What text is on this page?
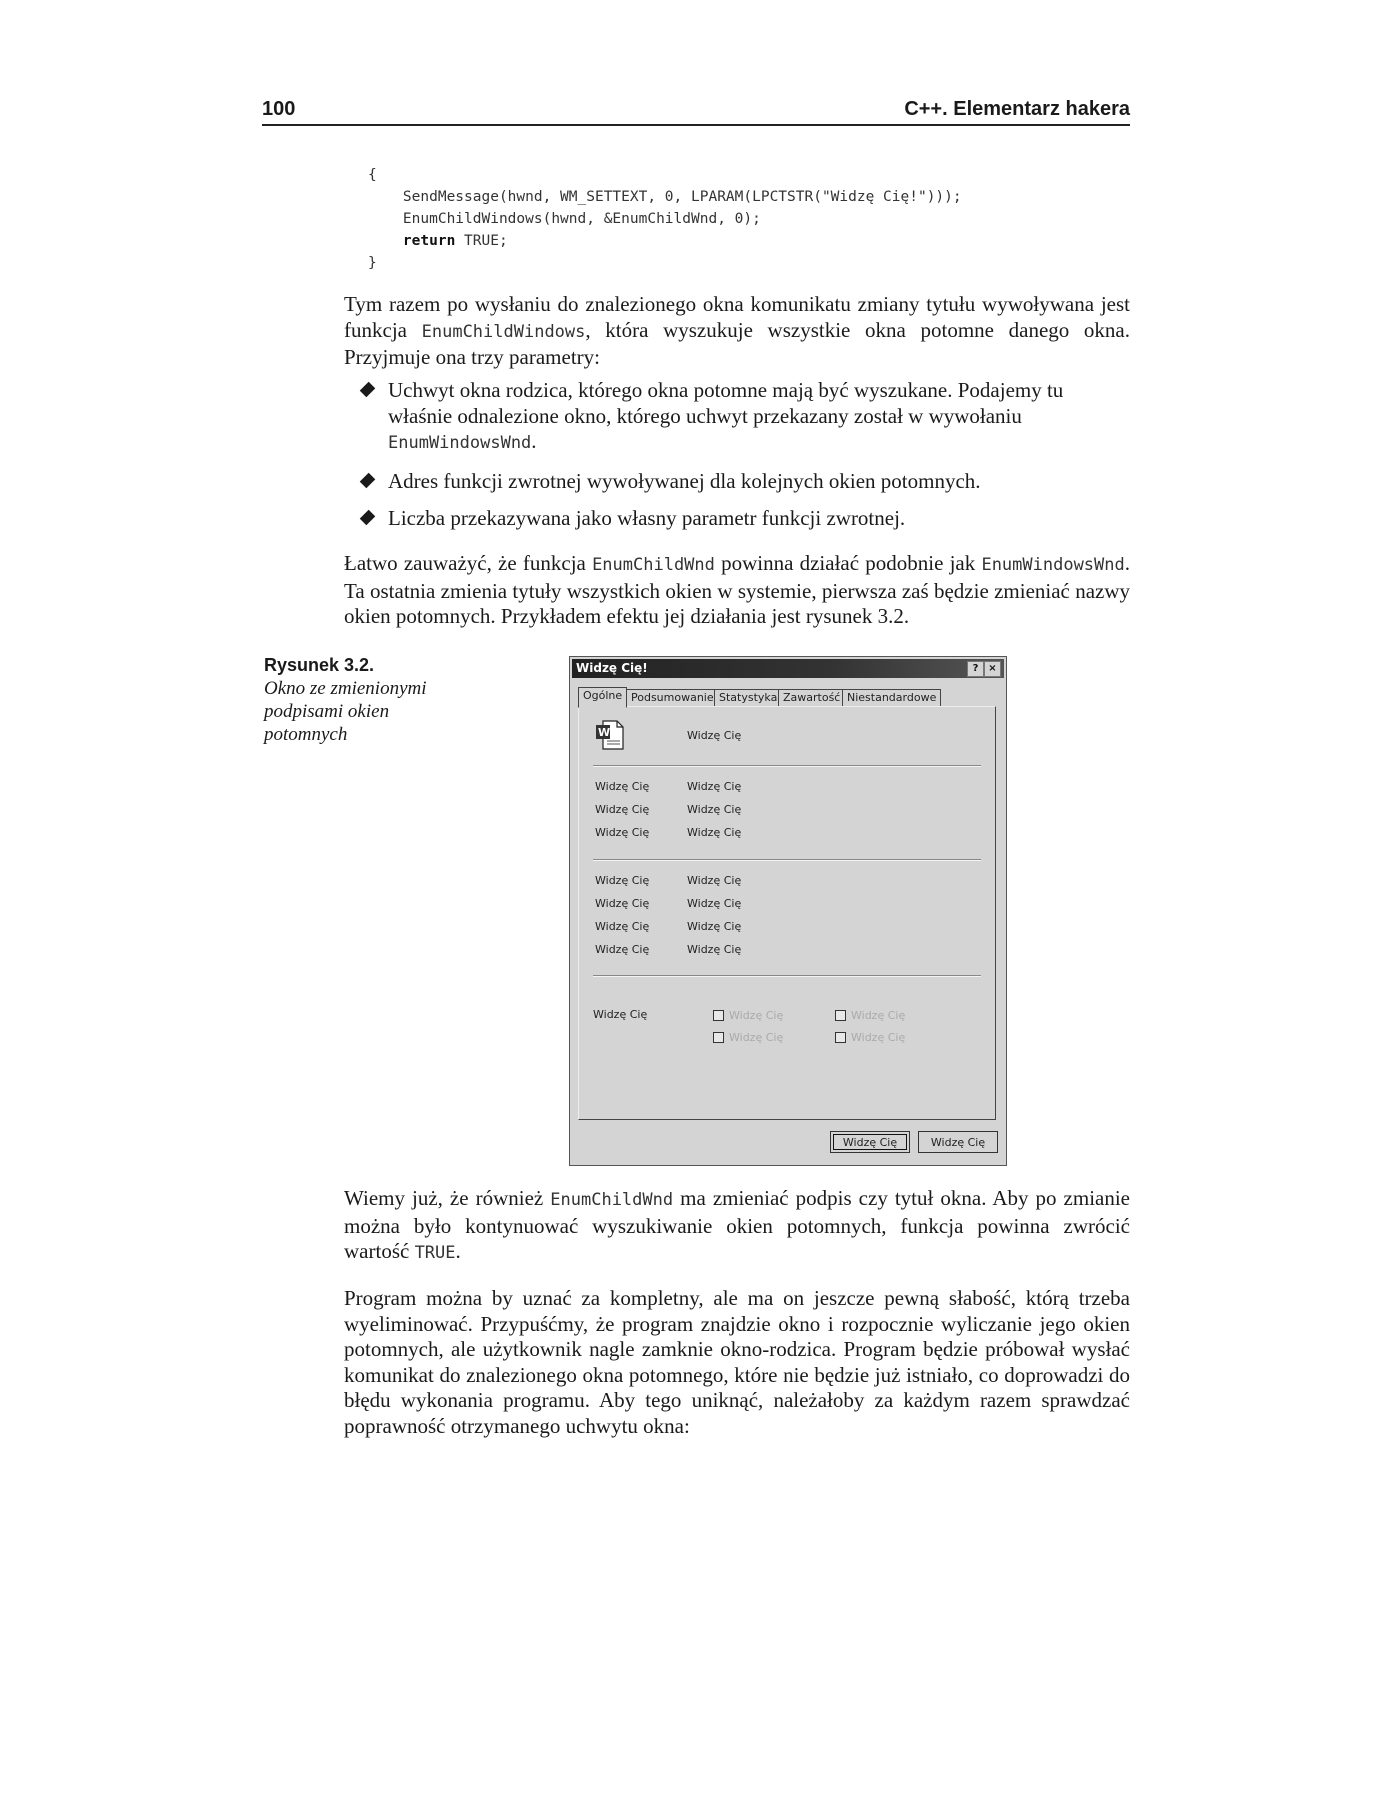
100	C++. Elementarz hakera
{
SendMessage(hwnd, WM_SETTEXT, 0, LPARAM(LPCTSTR("Widzę Cię!")));
EnumChildWindows(hwnd, &EnumChildWnd, 0);
return TRUE;
}

Tym razem po wysłaniu do znalezionego okna komunikatu zmiany tytułu wywoływana jest funkcja EnumChildWindows, która wyszukuje wszystkie okna potomne danego okna. Przyjmuje ona trzy parametry:

Uchwyt okna rodzica, którego okna potomne mają być wyszukane. Podajemy tu właśnie odnalezione okno, którego uchwyt przekazany został w wywołaniu EnumWindowsWnd.
Adres funkcji zwrotnej wywoływanej dla kolejnych okien potomnych.
Liczba przekazywana jako własny parametr funkcji zwrotnej.

Łatwo zauważyć, że funkcja EnumChildWnd powinna działać podobnie jak EnumWindowsWnd. Ta ostatnia zmienia tytuły wszystkich okien w systemie, pierwsza zaś będzie zmieniać nazwy okien potomnych. Przykładem efektu jej działania jest rysunek 3.2.

Rysunek 3.2.
Okno ze zmienionymi podpisami okien potomnych
Widzę Cię!	? ×
Ogólne Podsumowanie Statystyka Zawartość Niestandardowe
W	Widzę Cię
Widzę Cię	Widzę Cię
Widzę Cię	Widzę Cię
Widzę Cię	Widzę Cię
Widzę Cię	Widzę Cię
Widzę Cię	Widzę Cię
Widzę Cię	Widzę Cię
Widzę Cię	Widzę Cię
Widzę Cię	Widzę Cię	Widzę Cię
Widzę Cię	Widzę Cię
Widzę Cię	Widzę Cię

Wiemy już, że również EnumChildWnd ma zmieniać podpis czy tytuł okna. Aby po zmianie można było kontynuować wyszukiwanie okien potomnych, funkcja powinna zwrócić wartość TRUE.

Program można by uznać za kompletny, ale ma on jeszcze pewną słabość, którą trzeba wyeliminować. Przypuśćmy, że program znajdzie okno i rozpocznie wyliczanie jego okien potomnych, ale użytkownik nagle zamknie okno-rodzica. Program będzie próbował wysłać komunikat do znalezionego okna potomnego, które nie będzie już istniało, co doprowadzi do błędu wykonania programu. Aby tego uniknąć, należałoby za każdym razem sprawdzać poprawność otrzymanego uchwytu okna:
